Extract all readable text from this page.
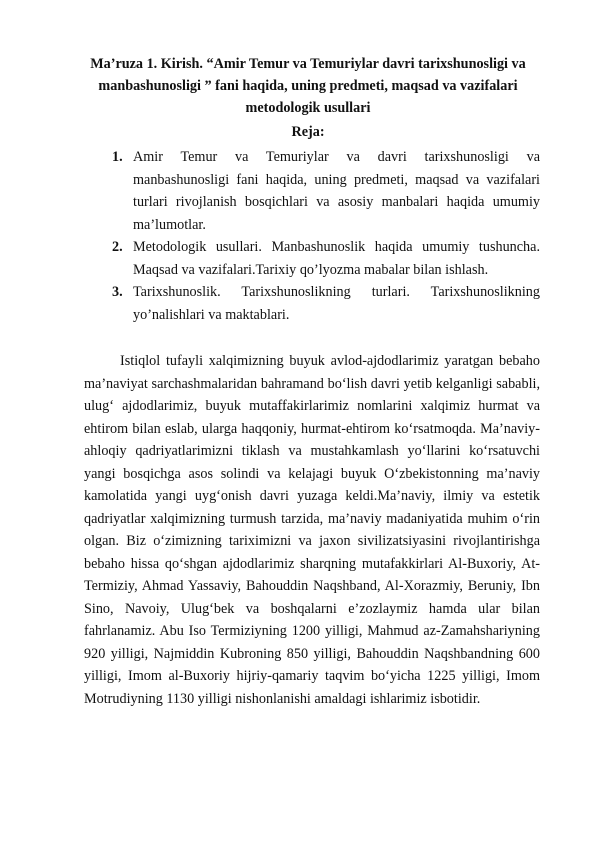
Ma’ruza 1. Kirish. “Amir Temur va Temuriylar davri tarixshunosligi va
manbashunosligi ” fani haqida, uning predmeti, maqsad va vazifalari
metodologik usullari
Reja:
1. Amir Temur va Temuriylar va davri tarixshunosligi va manbashunosligi fani haqida, uning predmeti, maqsad va vazifalari turlari rivojlanish bosqichlari va asosiy manbalari haqida umumiy ma’lumotlar.
2. Metodologik usullari. Manbashunoslik haqida umumiy tushuncha. Maqsad va vazifalari.Tarixiy qo’lyozma mabalar bilan ishlash.
3. Tarixshunoslik. Tarixshunoslikning turlari. Tarixshunoslikning yo’nalishlari va maktablari.

Istiqlol tufayli xalqimizning buyuk avlod-ajdodlarimiz yaratgan bebaho ma’naviyat sarchashmalaridan bahramand bo‘lish davri yetib kelganligi sababli, ulug‘ ajdodlarimiz, buyuk mutaffakirlarimiz nomlarini xalqimiz hurmat va ehtirom bilan eslab, ularga haqqoniy, hurmat-ehtirom ko‘rsatmoqda. Ma’naviy-ahloqiy qadriyatlarimizni tiklash va mustahkamlash yo‘llarini ko‘rsatuvchi yangi bosqichga asos solindi va kelajagi buyuk O‘zbekistonning ma’naviy kamolatida yangi uyg‘onish davri yuzaga keldi.Ma’naviy, ilmiy va estetik qadriyatlar xalqimizning turmush tarzida, ma’naviy madaniyatida muhim o‘rin olgan. Biz o‘zimizning tariximizni va jaxon sivilizatsiyasini rivojlantirishga bebaho hissa qo‘shgan ajdodlarimiz sharqning mutafakkirlari Al-Buxoriy, At-Termiziy, Ahmad Yassaviy, Bahouddin Naqshband, Al-Xorazmiy, Beruniy, Ibn Sino, Navoiy, Ulug‘bek va boshqalarni e’zozlaymiz hamda ular bilan fahrlanamiz. Abu Iso Termiziyning 1200 yilligi, Mahmud az-Zamahshariyning 920 yilligi, Najmiddin Kubroning 850 yilligi, Bahouddin Naqshbandning 600 yilligi, Imom al-Buxoriy hijriy-qamariy taqvim bo‘yicha 1225 yilligi, Imom Motrudiyning 1130 yilligi nishonlanishi amaldagi ishlarimiz isbotidir.
